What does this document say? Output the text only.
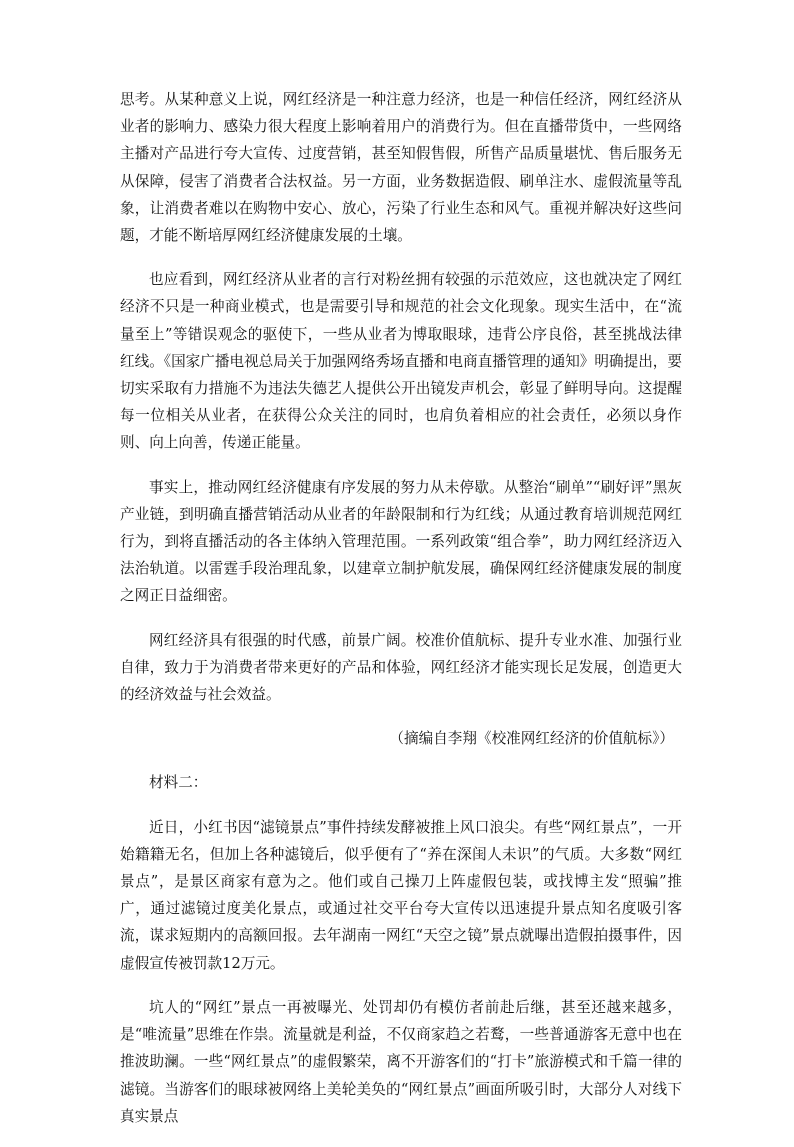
思考。从某种意义上说，网红经济是一种注意力经济，也是一种信任经济，网红经济从业者的影响力、感染力很大程度上影响着用户的消费行为。但在直播带货中，一些网络主播对产品进行夸大宣传、过度营销，甚至知假售假，所售产品质量堪忧、售后服务无从保障，侵害了消费者合法权益。另一方面，业务数据造假、刷单注水、虚假流量等乱象，让消费者难以在购物中安心、放心，污染了行业生态和风气。重视并解决好这些问题，才能不断培厚网红经济健康发展的土壤。

也应看到，网红经济从业者的言行对粉丝拥有较强的示范效应，这也就决定了网红经济不只是一种商业模式，也是需要引导和规范的社会文化现象。现实生活中，在“流量至上”等错误观念的驱使下，一些从业者为博取眼球，违背公序良俗，甚至挑战法律红线。《国家广播电视总局关于加强网络秀场直播和电商直播管理的通知》明确提出，要切实采取有力措施不为违法失德艺人提供公开出镜发声机会，彰显了鲜明导向。这提醒每一位相关从业者，在获得公众关注的同时，也肩负着相应的社会责任，必须以身作则、向上向善，传递正能量。

事实上，推动网红经济健康有序发展的努力从未停歇。从整治“刷单”“刷好评”黑灰产业链，到明确直播营销活动从业者的年龄限制和行为红线；从通过教育培训规范网红行为，到将直播活动的各主体纳入管理范围。一系列政策“组合拳”，助力网红经济迈入法治轨道。以雷霆手段治理乱象，以建章立制护航发展，确保网红经济健康发展的制度之网正日益细密。

网红经济具有很强的时代感，前景广阔。校准价值航标、提升专业水准、加强行业自律，致力于为消费者带来更好的产品和体验，网红经济才能实现长足发展，创造更大的经济效益与社会效益。

（摘编自李翔《校准网红经济的价值航标》）

材料二：

近日，小红书因“滤镜景点”事件持续发酵被推上风口浪尖。有些“网红景点”，一开始籍籍无名，但加上各种滤镜后，似乎便有了“养在深闺人未识”的气质。大多数“网红景点”，是景区商家有意为之。他们或自己操刀上阵虚假包装，或找博主发“照骗”推广，通过滤镜过度美化景点，或通过社交平台夸大宣传以迅速提升景点知名度吸引客流，谋求短期内的高额回报。去年湖南一网红“天空之镜”景点就曝出造假拍摄事件，因虚假宣传被罚款12万元。

坑人的“网红”景点一再被曝光、处罚却仍有模仿者前赴后继，甚至还越来越多，是“唯流量”思维在作祟。流量就是利益，不仅商家趋之若鹜，一些普通游客无意中也在推波助澜。一些“网红景点”的虚假繁荣，离不开游客们的“打卡”旅游模式和千篇一律的滤镜。当游客们的眼球被网络上美轮美奂的“网红景点”画面所吸引时，大部分人对线下真实景点
